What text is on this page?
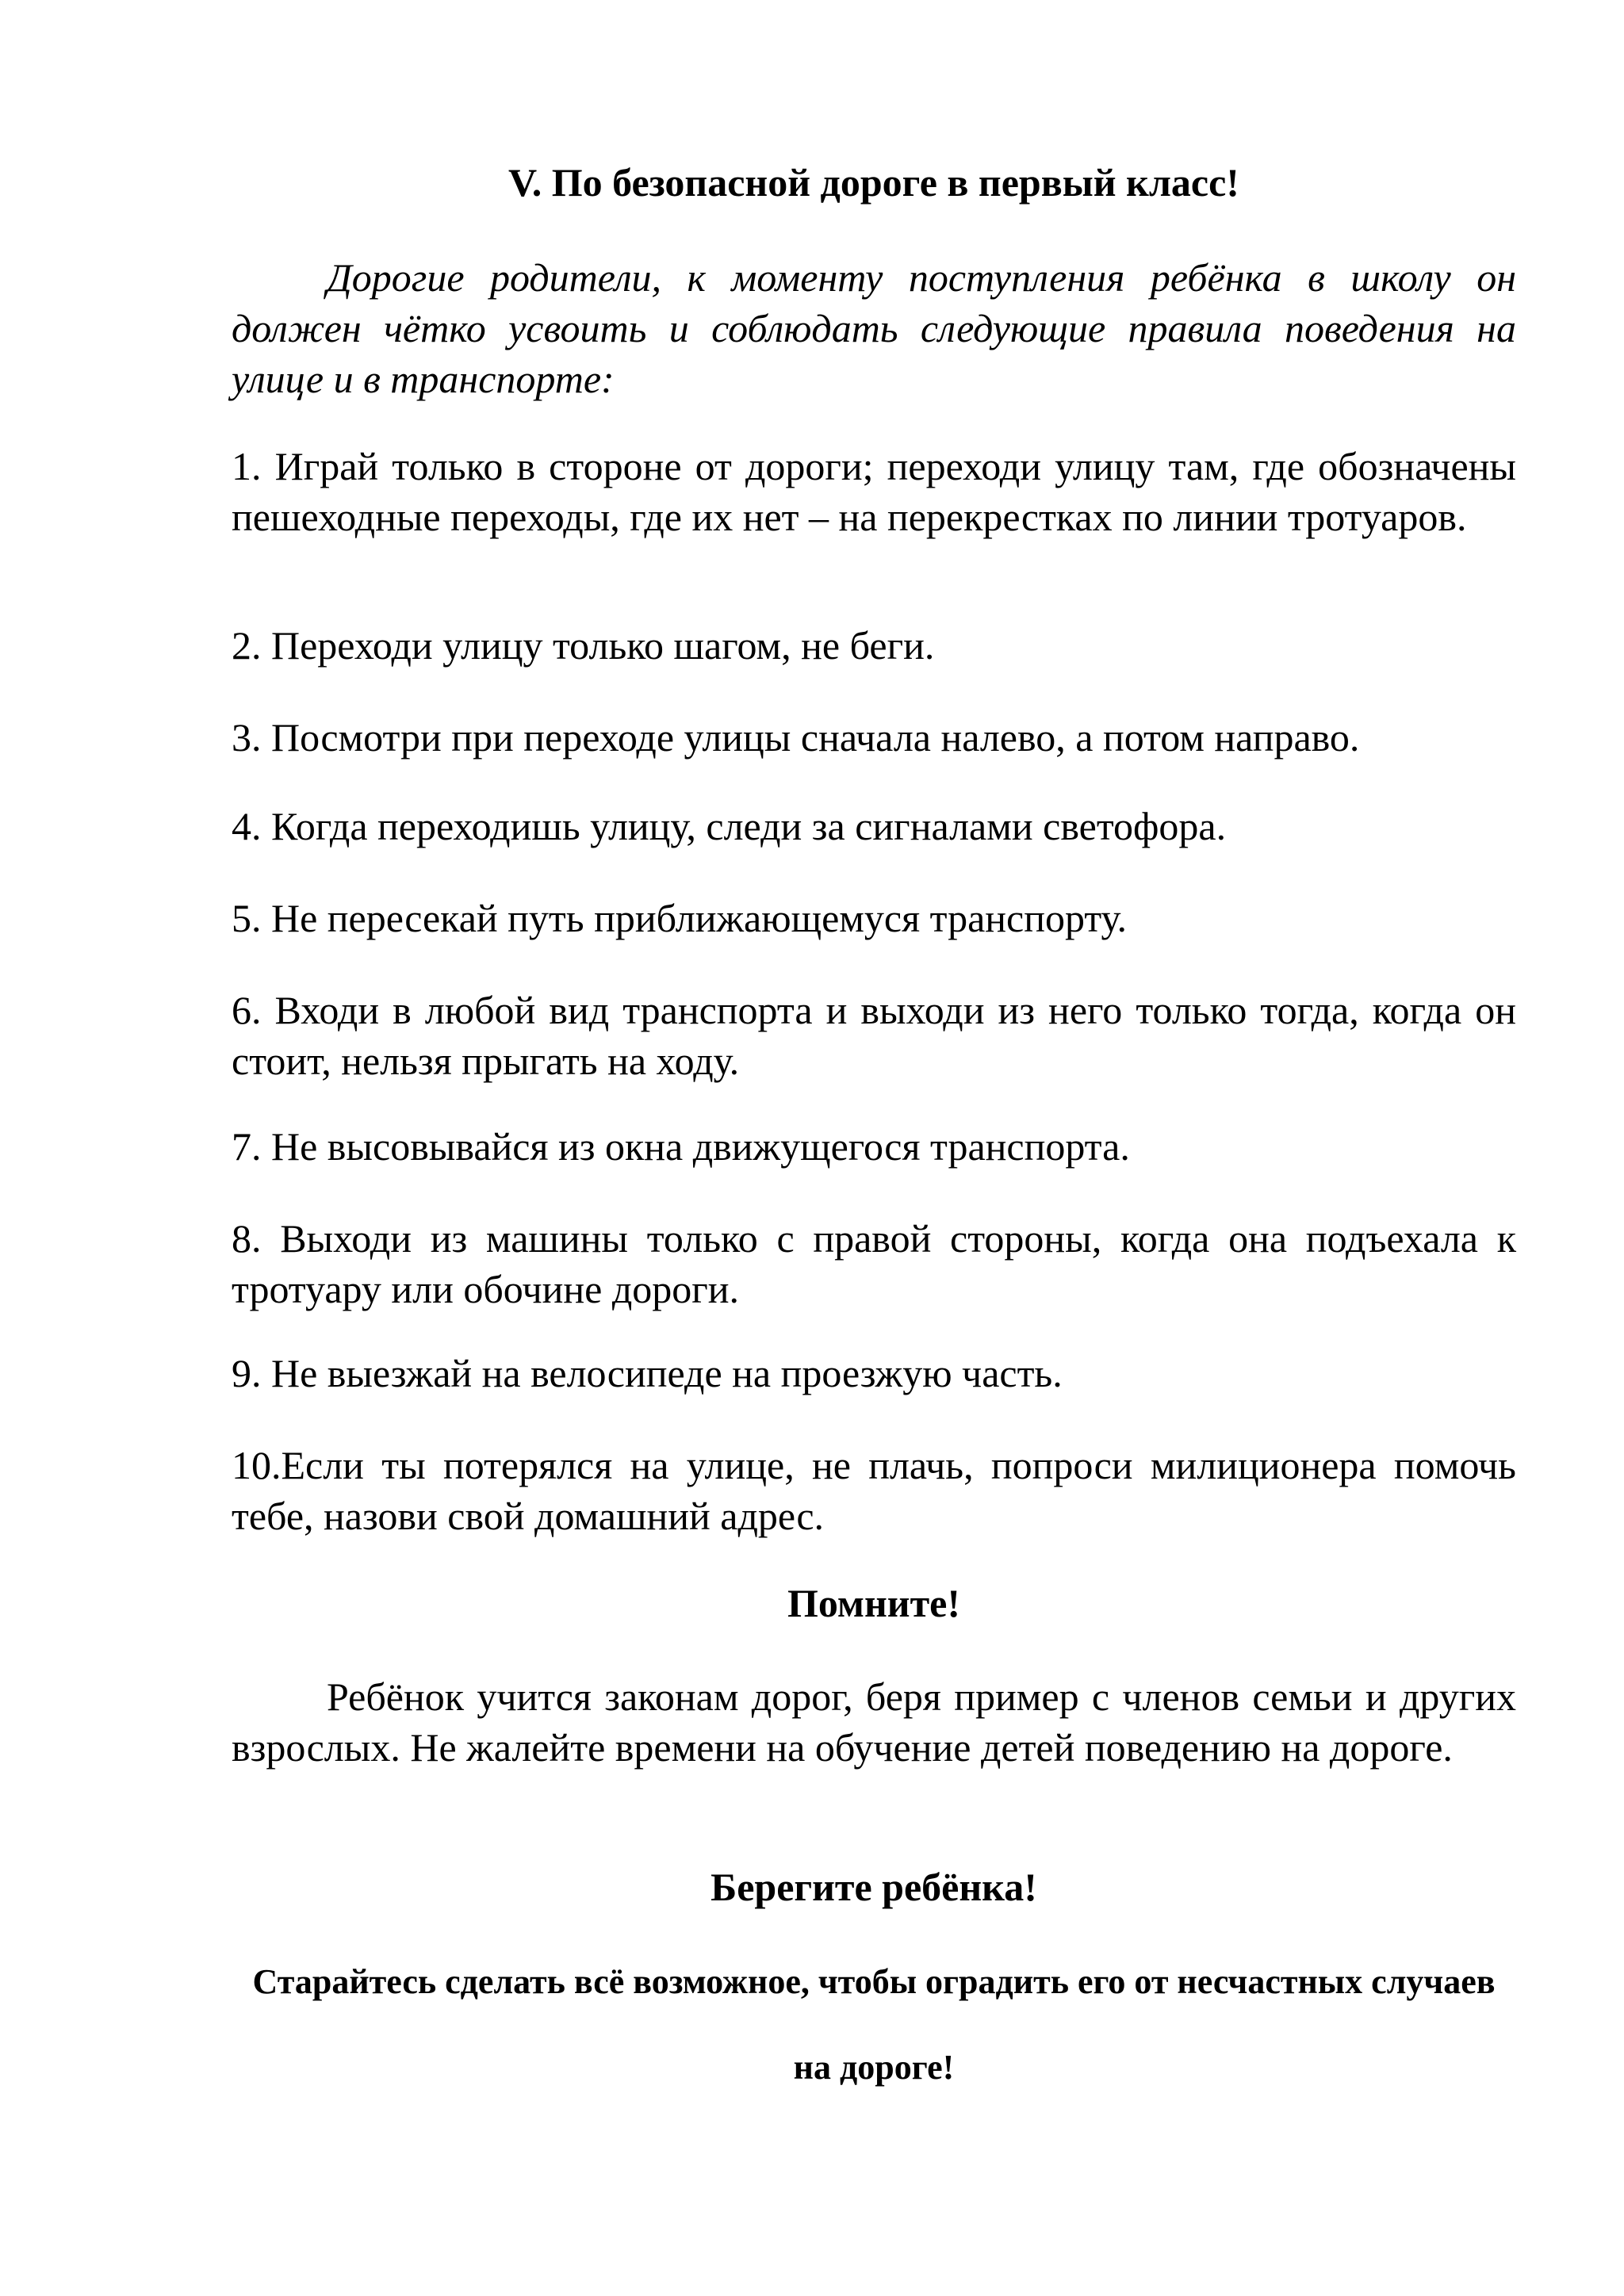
V. По безопасной дороге в первый класс!
Дорогие родители, к моменту поступления ребёнка в школу он должен чётко усвоить и соблюдать следующие правила поведения на улице и в транспорте:
1. Играй только в стороне от дороги; переходи улицу там, где обозначены пешеходные переходы, где их нет – на перекрестках по линии тротуаров.
2. Переходи улицу только шагом, не беги.
3. Посмотри при переходе улицы сначала налево, а потом направо.
4. Когда переходишь улицу, следи за сигналами светофора.
5. Не пересекай путь приближающемуся транспорту.
6. Входи в любой вид транспорта и выходи из него только тогда, когда он стоит, нельзя прыгать на ходу.
7. Не высовывайся из окна движущегося транспорта.
8. Выходи из машины только с правой стороны, когда она подъехала к тротуару или обочине дороги.
9. Не выезжай на велосипеде на проезжую часть.
10.Если ты потерялся на улице, не плачь, попроси милиционера помочь тебе, назови свой домашний адрес.
Помните!
Ребёнок учится законам дорог, беря пример с членов семьи и других взрослых. Не жалейте времени на обучение детей поведению на дороге.
Берегите ребёнка!
Старайтесь сделать всё возможное, чтобы оградить его от несчастных случаев на дороге!
